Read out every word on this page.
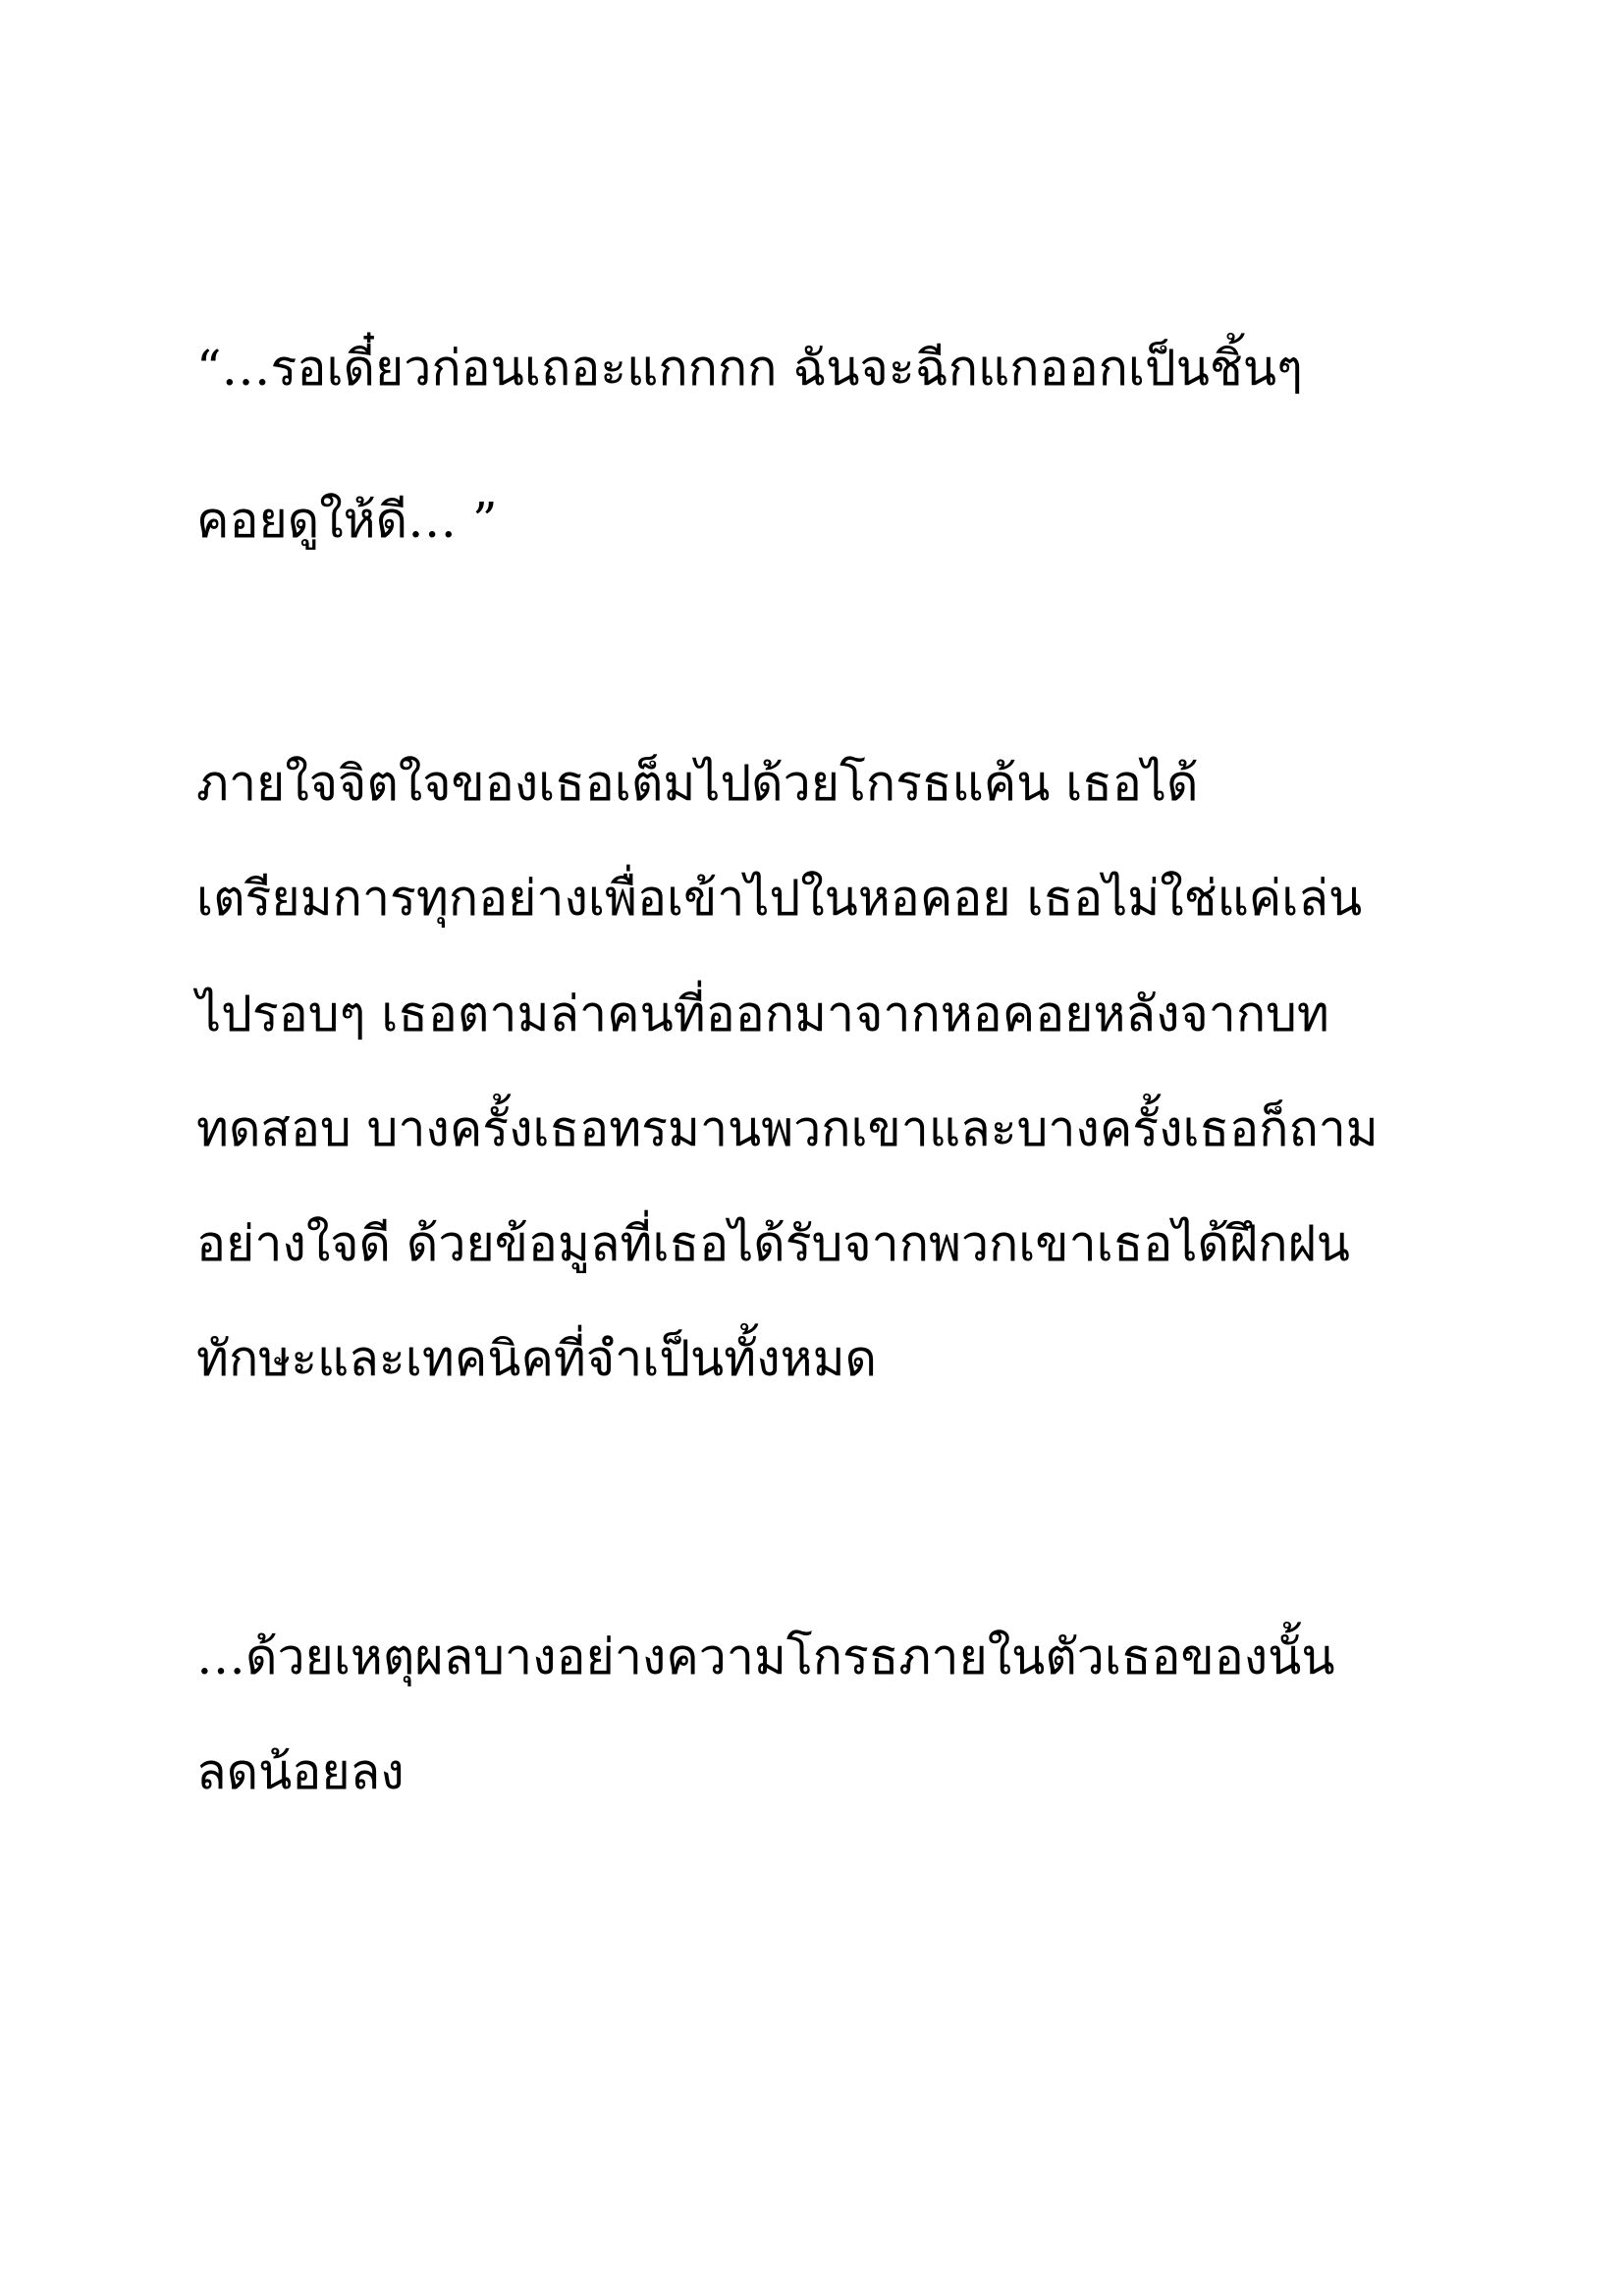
“…รอเดี๋ยวก่อนเถอะแกกกก ฉันจะฉีกแกออกเป็นชิ้นๆ

คอยดูให้ดี… ”

ภายใจจิตใจของเธอเต็มไปด้วยโกรธแค้น เธอได้

เตรียมการทุกอย่างเพื่อเข้าไปในหอคอย เธอไม่ใช่แค่เล่น

ไปรอบๆ เธอตามล่าคนที่ออกมาจากหอคอยหลังจากบท

ทดสอบ บางครั้งเธอทรมานพวกเขาและบางครั้งเธอก็ถาม

อย่างใจดี ด้วยข้อมูลที่เธอได้รับจากพวกเขาเธอได้ฝึกฝน

ทักษะและเทคนิคที่จำเป็นทั้งหมด

…ด้วยเหตุผลบางอย่างความโกรธภายในตัวเธอของนั้น

ลดน้อยลง
